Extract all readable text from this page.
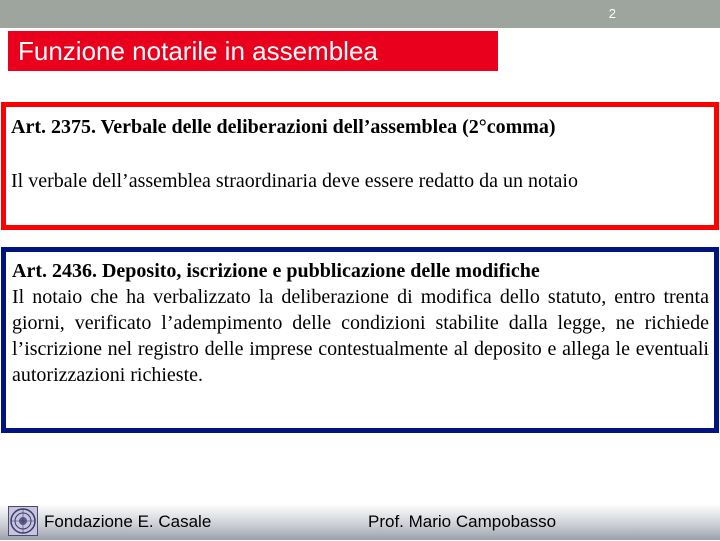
2
Funzione notarile in assemblea

Art. 2375. Verbale delle deliberazioni dell’assemblea (2°comma)

Il verbale dell’assemblea straordinaria deve essere redatto da un notaio

Art. 2436. Deposito, iscrizione e pubblicazione delle modifiche

Il notaio che ha verbalizzato la deliberazione di modifica dello statuto, entro trenta giorni, verificato l’adempimento delle condizioni stabilite dalla legge, ne richiede l’iscrizione nel registro delle imprese contestualmente al deposito e allega le eventuali autorizzazioni richieste.

Fondazione E. Casale	Prof. Mario Campobasso
